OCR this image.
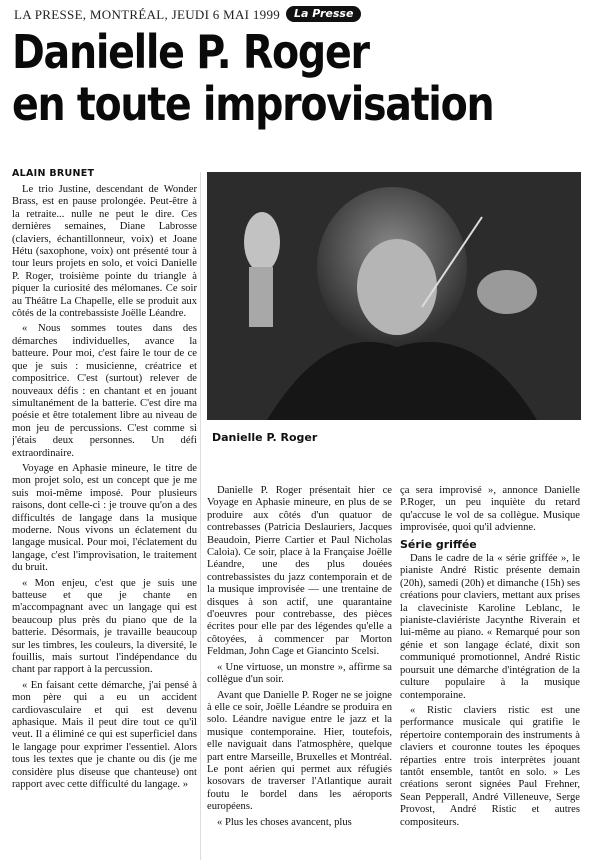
LA PRESSE, MONTRÉAL, JEUDI 6 MAI 1999	La Presse
Danielle P. Roger
en toute improvisation
ALAIN BRUNET

Le trio Justine, descendant de Wonder Brass, est en pause prolongée. Peut-être à la retraite... nulle ne peut le dire. Ces dernières semaines, Diane Labrosse (claviers, échantillonneur, voix) et Joane Hétu (saxophone, voix) ont présenté tour à tour leurs projets en solo, et voici Danielle P. Roger, troisième pointe du triangle à piquer la curiosité des mélomanes. Ce soir au Théâtre La Chapelle, elle se produit aux côtés de la contrebassiste Joëlle Léandre.

« Nous sommes toutes dans des démarches individuelles, avance la batteure. Pour moi, c'est faire le tour de ce que je suis : musicienne, créatrice et compositrice. C'est (surtout) relever de nouveaux défis : en chantant et en jouant simultanément de la batterie. C'est dire ma poésie et être totalement libre au niveau de mon jeu de percussions. C'est comme si j'étais deux personnes. Un défi extraordinaire.

Voyage en Aphasie mineure, le titre de mon projet solo, est un concept que je me suis moi-même imposé. Pour plusieurs raisons, dont celle-ci : je trouve qu'on a des difficultés de langage dans la musique moderne. Nous vivons un éclatement du langage musical. Pour moi, l'éclatement du langage, c'est l'improvisation, le traitement du bruit.

« Mon enjeu, c'est que je suis une batteuse et que je chante en m'accompagnant avec un langage qui est beaucoup plus près du piano que de la batterie. Désormais, je travaille beaucoup sur les timbres, les couleurs, la diversité, le fouillis, mais surtout l'indépendance du chant par rapport à la percussion.

« En faisant cette démarche, j'ai pensé à mon père qui a eu un accident cardiovasculaire et qui est devenu aphasique. Mais il peut dire tout ce qu'il veut. Il a éliminé ce qui est superficiel dans le langage pour exprimer l'essentiel. Alors tous les textes que je chante ou dis (je me considère plus diseuse que chanteuse) ont rapport avec cette difficulté du langage. »

Danielle P. Roger

Danielle P. Roger présentait hier ce Voyage en Aphasie mineure, en plus de se produire aux côtés d'un quatuor de contrebasses (Patricia Deslauriers, Jacques Beaudoin, Pierre Cartier et Paul Nicholas Caloia). Ce soir, place à la Française Joëlle Léandre, une des plus douées contrebassistes du jazz contemporain et de la musique improvisée — une trentaine de disques à son actif, une quarantaine d'oeuvres pour contrebasse, des pièces écrites pour elle par des légendes qu'elle a côtoyées, à commencer par Morton Feldman, John Cage et Giancinto Scelsi.

« Une virtuose, un monstre », affirme sa collègue d'un soir.

Avant que Danielle P. Roger ne se joigne à elle ce soir, Joëlle Léandre se produira en solo. Léandre navigue entre le jazz et la musique contemporaine. Hier, toutefois, elle naviguait dans l'atmosphère, quelque part entre Marseille, Bruxelles et Montréal. Le pont aérien qui permet aux réfugiés kosovars de traverser l'Atlantique aurait foutu le bordel dans les aéroports européens.

« Plus les choses avancent, plus

ça sera improvisé », annonce Danielle P.Roger, un peu inquiète du retard qu'accuse le vol de sa collègue. Musique improvisée, quoi qu'il advienne.

Série griffée

Dans le cadre de la « série griffée », le pianiste André Ristic présente demain (20h), samedi (20h) et dimanche (15h) ses créations pour claviers, mettant aux prises la claveciniste Karoline Leblanc, le pianiste-claviériste Jacynthe Riverain et lui-même au piano. « Remarqué pour son génie et son langage éclaté, dixit son communiqué promotionnel, André Ristic poursuit une démarche d'intégration de la culture populaire à la musique contemporaine.

« Ristic claviers ristic est une performance musicale qui gratifie le répertoire contemporain des instruments à claviers et couronne toutes les époques réparties entre trois interprètes jouant tantôt ensemble, tantôt en solo. » Les créations seront signées Paul Frehner, Sean Pepperall, André Villeneuve, Serge Provost, André Ristic et autres compositeurs.
